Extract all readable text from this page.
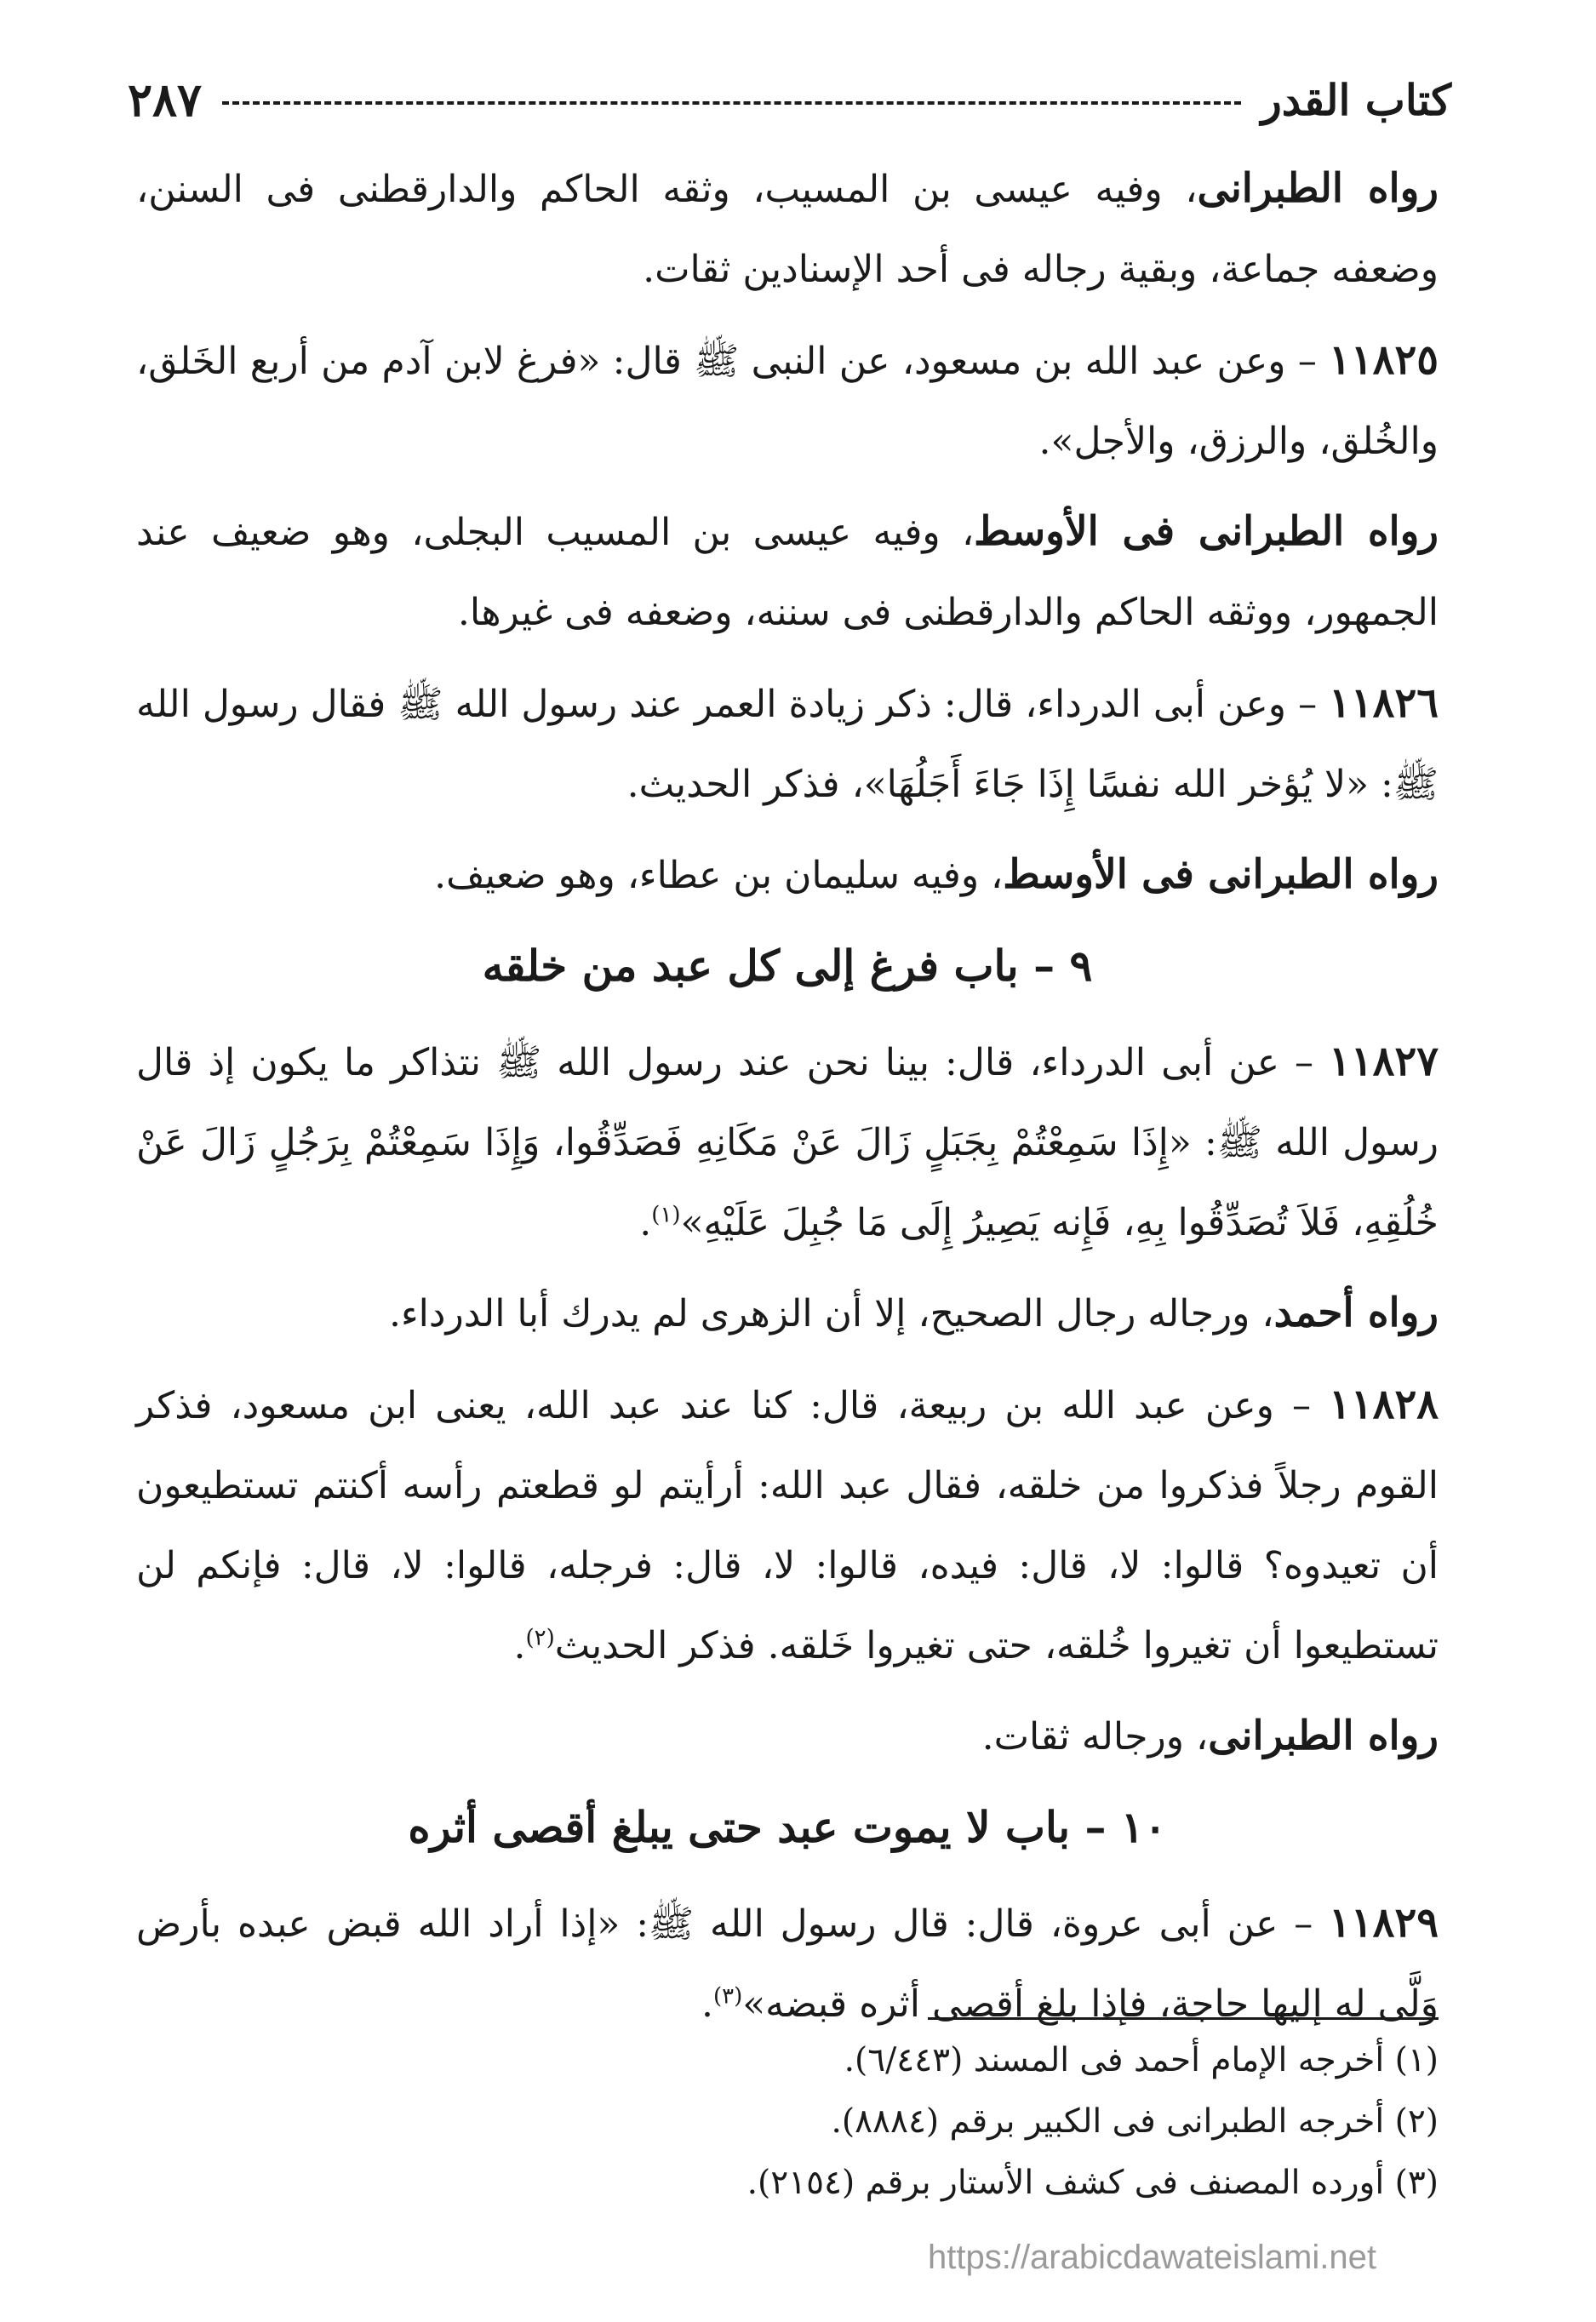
كتاب القدر
٢٨٧

رواه الطبرانى، وفيه عيسى بن المسيب، وثقه الحاكم والدارقطنى فى السنن، وضعفه جماعة، وبقية رجاله فى أحد الإسنادين ثقات.

١١٨٢٥ – وعن عبد الله بن مسعود، عن النبى ﷺ قال: «فرغ لابن آدم من أربع الخَلق، والخُلق، والرزق، والأجل».

رواه الطبرانى فى الأوسط، وفيه عيسى بن المسيب البجلى، وهو ضعيف عند الجمهور، ووثقه الحاكم والدارقطنى فى سننه، وضعفه فى غيرها.

١١٨٢٦ – وعن أبى الدرداء، قال: ذكر زيادة العمر عند رسول الله ﷺ فقال رسول الله ﷺ: «لا يُؤخر الله نفسًا إِذَا جَاءَ أَجَلُهَا»، فذكر الحديث.

رواه الطبرانى فى الأوسط، وفيه سليمان بن عطاء، وهو ضعيف.

٩ – باب فرغ إلى كل عبد من خلقه

١١٨٢٧ – عن أبى الدرداء، قال: بينا نحن عند رسول الله ﷺ نتذاكر ما يكون إذ قال رسول الله ﷺ: «إِذَا سَمِعْتُمْ بِجَبَلٍ زَالَ عَنْ مَكَانِهِ فَصَدِّقُوا، وَإِذَا سَمِعْتُمْ بِرَجُلٍ زَالَ عَنْ خُلُقِهِ، فَلاَ تُصَدِّقُوا بِهِ، فَإِنه يَصِيرُ إِلَى مَا جُبِلَ عَلَيْهِ»$^{(١)}$.

رواه أحمد، ورجاله رجال الصحيح، إلا أن الزهرى لم يدرك أبا الدرداء.

١١٨٢٨ – وعن عبد الله بن ربيعة، قال: كنا عند عبد الله، يعنى ابن مسعود، فذكر القوم رجلاً فذكروا من خلقه، فقال عبد الله: أرأيتم لو قطعتم رأسه أكنتم تستطيعون أن تعيدوه؟ قالوا: لا، قال: فيده، قالوا: لا، قال: فرجله، قالوا: لا، قال: فإنكم لن تستطيعوا أن تغيروا خُلقه، حتى تغيروا خَلقه. فذكر الحديث$^{(٢)}$.

رواه الطبرانى، ورجاله ثقات.

١٠ – باب لا يموت عبد حتى يبلغ أقصى أثره

١١٨٢٩ – عن أبى عروة، قال: قال رسول الله ﷺ: «إذا أراد الله قبض عبده بأرض وَلَّى له إليها حاجة، فإذا بلغ أقصى أثره قبضه»$^{(٣)}$.

(١) أخرجه الإمام أحمد فى المسند (٦/٤٤٣).

(٢) أخرجه الطبرانى فى الكبير برقم (٨٨٨٤).

(٣) أورده المصنف فى كشف الأستار برقم (٢١٥٤).

https://arabicdawateislami.net
